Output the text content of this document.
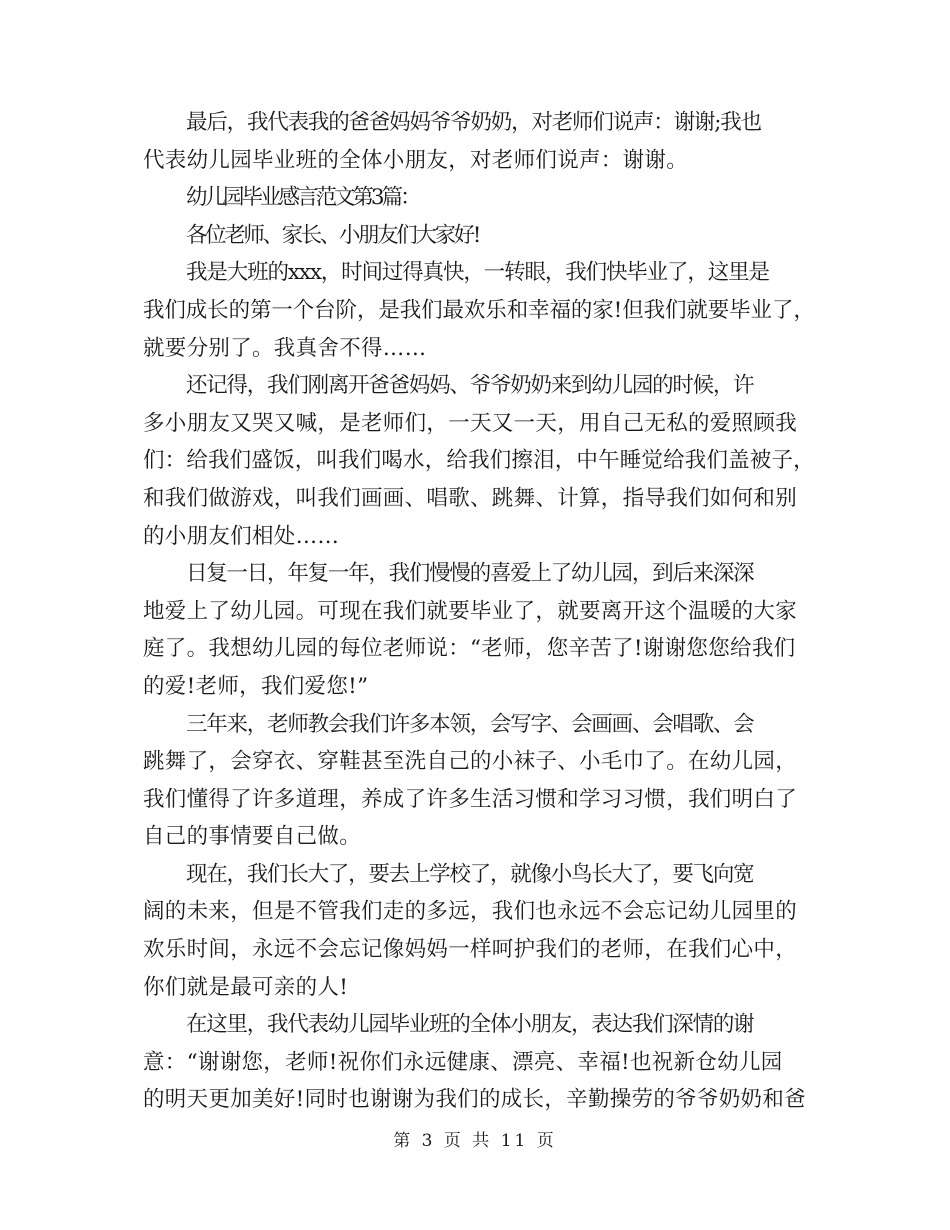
最后，我代表我的爸爸妈妈爷爷奶奶，对老师们说声：谢谢;我也
代表幼儿园毕业班的全体小朋友，对老师们说声：谢谢。

幼儿园毕业感言范文第3篇：

各位老师、家长、小朋友们大家好!

我是大班的xxx，时间过得真快，一转眼，我们快毕业了，这里是
我们成长的第一个台阶，是我们最欢乐和幸福的家!但我们就要毕业了，
就要分别了。我真舍不得……

还记得，我们刚离开爸爸妈妈、爷爷奶奶来到幼儿园的时候，许
多小朋友又哭又喊，是老师们，一天又一天，用自己无私的爱照顾我
们：给我们盛饭，叫我们喝水，给我们擦泪，中午睡觉给我们盖被子，
和我们做游戏，叫我们画画、唱歌、跳舞、计算，指导我们如何和别
的小朋友们相处……

日复一日，年复一年，我们慢慢的喜爱上了幼儿园，到后来深深
地爱上了幼儿园。可现在我们就要毕业了，就要离开这个温暖的大家
庭了。我想幼儿园的每位老师说：“老师，您辛苦了!谢谢您您给我们
的爱!老师，我们爱您!”

三年来，老师教会我们许多本领，会写字、会画画、会唱歌、会
跳舞了，会穿衣、穿鞋甚至洗自己的小袜子、小毛巾了。在幼儿园，
我们懂得了许多道理，养成了许多生活习惯和学习习惯，我们明白了
自己的事情要自己做。

现在，我们长大了，要去上学校了，就像小鸟长大了，要飞向宽
阔的未来，但是不管我们走的多远，我们也永远不会忘记幼儿园里的
欢乐时间，永远不会忘记像妈妈一样呵护我们的老师，在我们心中，
你们就是最可亲的人!

在这里，我代表幼儿园毕业班的全体小朋友，表达我们深情的谢
意：“谢谢您，老师!祝你们永远健康、漂亮、幸福!也祝新仓幼儿园
的明天更加美好!同时也谢谢为我们的成长，辛勤操劳的爷爷奶奶和爸

第 3 页 共 11 页
